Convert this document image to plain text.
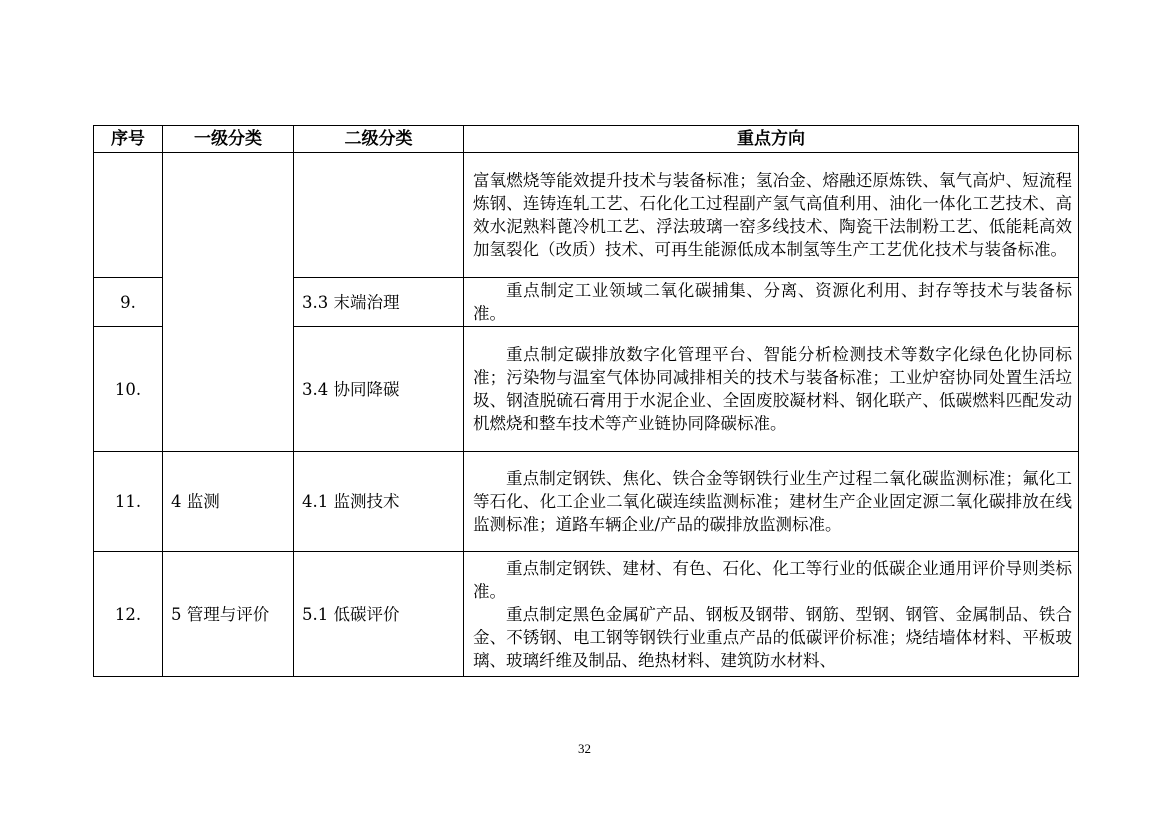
序号	一级分类	二级分类	重点方向

			富氧燃烧等能效提升技术与装备标准；氢冶金、熔融还原炼铁、氧气高炉、短流程炼钢、连铸连轧工艺、石化化工过程副产氢气高值利用、油化一体化工艺技术、高效水泥熟料蓖冷机工艺、浮法玻璃一窑多线技术、陶瓷干法制粉工艺、低能耗高效加氢裂化（改质）技术、可再生能源低成本制氢等生产工艺优化技术与装备标准。

9.		3.3 末端治理	重点制定工业领域二氧化碳捕集、分离、资源化利用、封存等技术与装备标准。

10.		3.4 协同降碳	重点制定碳排放数字化管理平台、智能分析检测技术等数字化绿色化协同标准；污染物与温室气体协同减排相关的技术与装备标准；工业炉窑协同处置生活垃圾、钢渣脱硫石膏用于水泥企业、全固废胶凝材料、钢化联产、低碳燃料匹配发动机燃烧和整车技术等产业链协同降碳标准。

11.	4 监测	4.1 监测技术	重点制定钢铁、焦化、铁合金等钢铁行业生产过程二氧化碳监测标准；氟化工等石化、化工企业二氧化碳连续监测标准；建材生产企业固定源二氧化碳排放在线监测标准；道路车辆企业/产品的碳排放监测标准。

12.	5 管理与评价	5.1 低碳评价	重点制定钢铁、建材、有色、石化、化工等行业的低碳企业通用评价导则类标准。
重点制定黑色金属矿产品、钢板及钢带、钢筋、型钢、钢管、金属制品、铁合金、不锈钢、电工钢等钢铁行业重点产品的低碳评价标准；烧结墙体材料、平板玻璃、玻璃纤维及制品、绝热材料、建筑防水材料、
32
